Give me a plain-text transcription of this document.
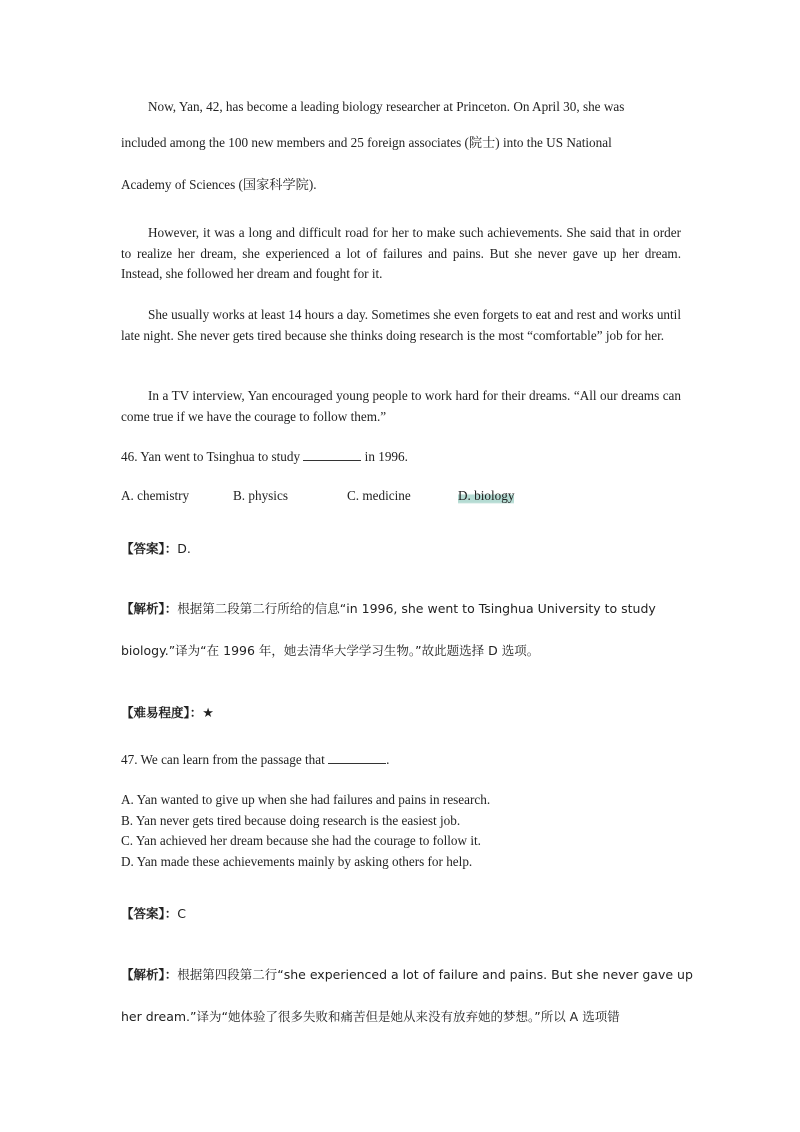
Now, Yan, 42, has become a leading biology researcher at Princeton. On April 30, she was
included among the 100 new members and 25 foreign associates (院士) into the US National
Academy of Sciences (国家科学院).

However, it was a long and difficult road for her to make such achievements. She said that in order to realize her dream, she experienced a lot of failures and pains. But she never gave up her dream. Instead, she followed her dream and fought for it.

She usually works at least 14 hours a day. Sometimes she even forgets to eat and rest and works until late night. She never gets tired because she thinks doing research is the most “comfortable” job for her.

In a TV interview, Yan encouraged young people to work hard for their dreams. “All our dreams can come true if we have the courage to follow them.”

46. Yan went to Tsinghua to study	in 1996.
A. chemistry	B. physics	C. medicine	D. biology
【答案】：D.
【解析】：根据第二段第二行所给的信息“in 1996, she went to Tsinghua University to study
biology.”译为“在 1996 年，她去清华大学学习生物。”故此题选择 D 选项。
【难易程度】：★
47. We can learn from the passage that	.
A. Yan wanted to give up when she had failures and pains in research.
B. Yan never gets tired because doing research is the easiest job.
C. Yan achieved her dream because she had the courage to follow it.
D. Yan made these achievements mainly by asking others for help.
【答案】：C
【解析】：根据第四段第二行“she experienced a lot of failure and pains. But she never gave up
her dream.”译为“她体验了很多失败和痛苦但是她从来没有放弃她的梦想。”所以 A 选项错
